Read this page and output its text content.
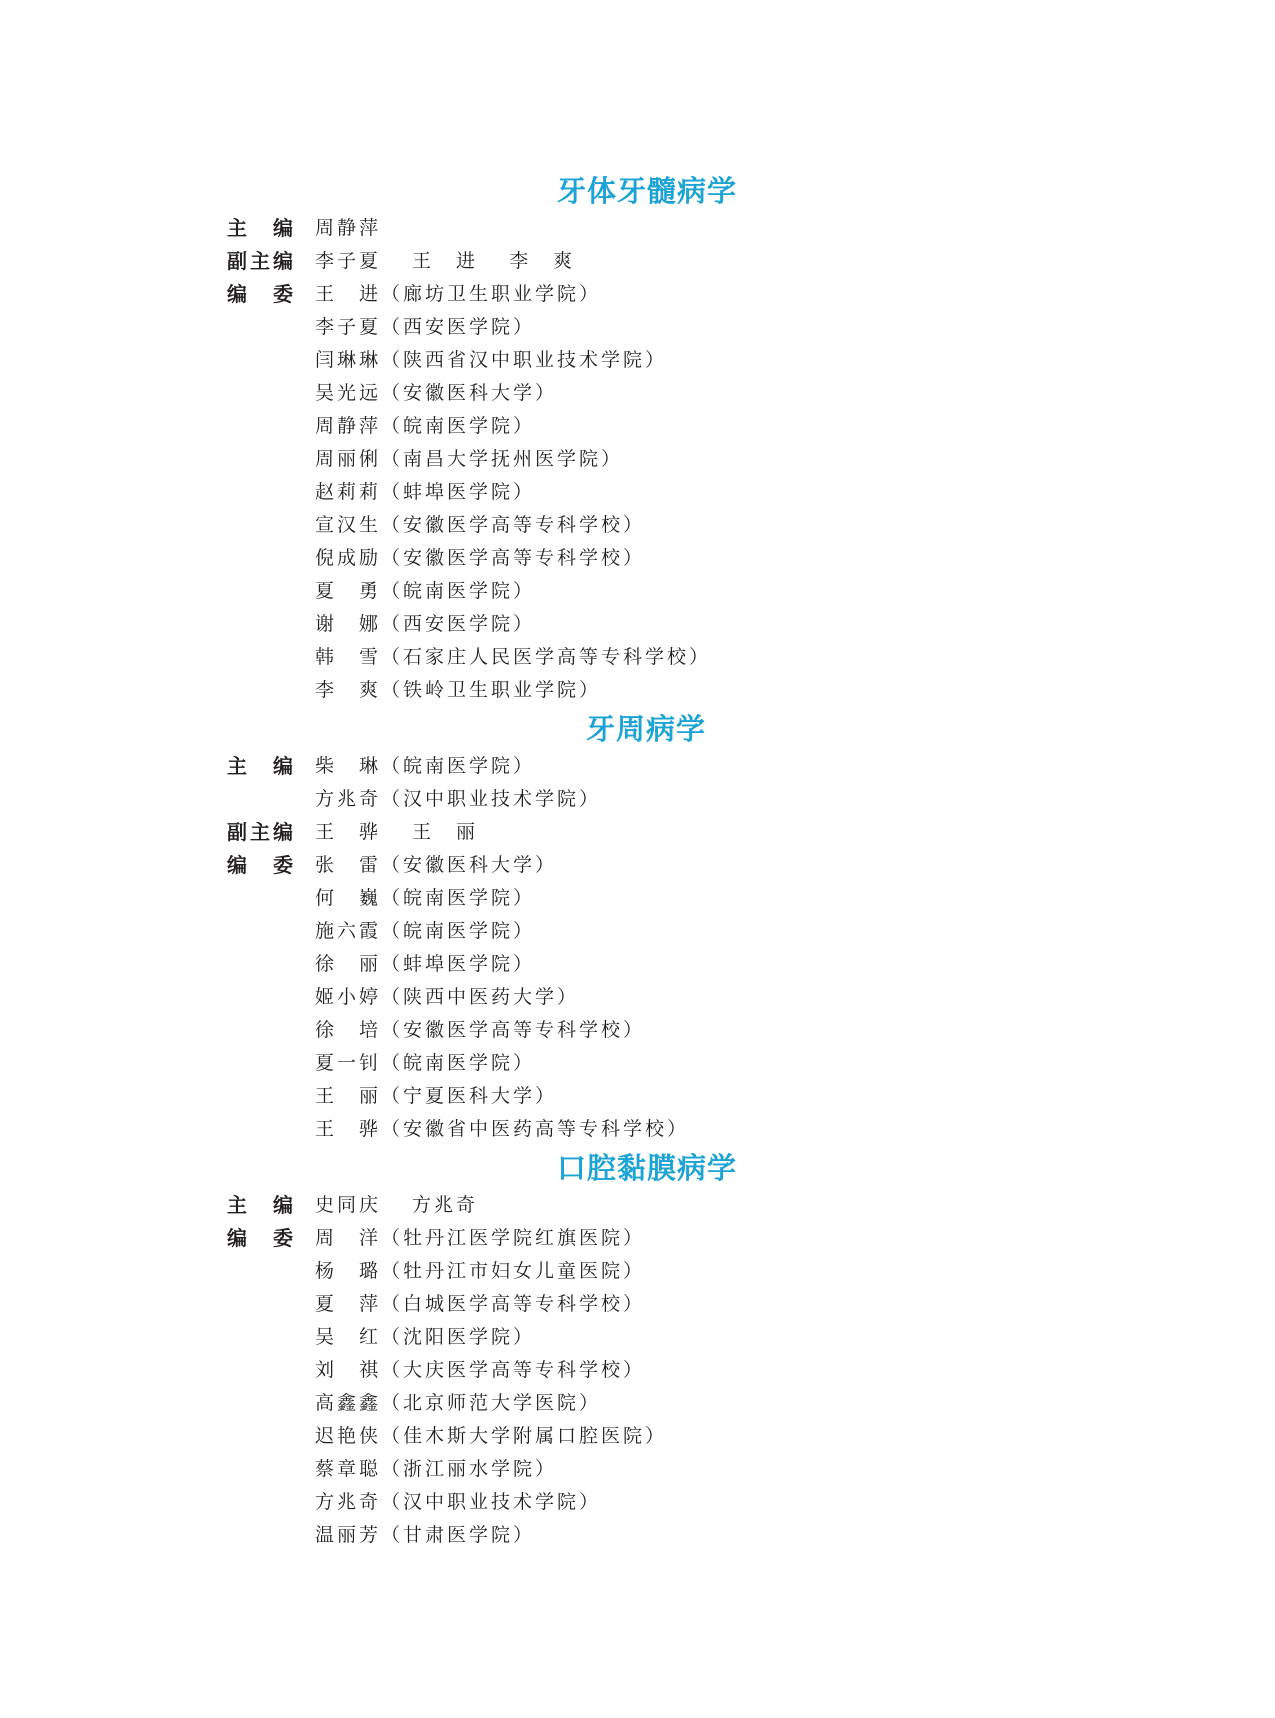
牙体牙髓病学
主　编 周静萍
副主编 李子夏　 王　进　 李　爽
编　委 王　进（廊坊卫生职业学院）
李子夏（西安医学院）
闫琳琳（陕西省汉中职业技术学院）
吴光远（安徽医科大学）
周静萍（皖南医学院）
周丽俐（南昌大学抚州医学院）
赵莉莉（蚌埠医学院）
宣汉生（安徽医学高等专科学校）
倪成励（安徽医学高等专科学校）
夏　勇（皖南医学院）
谢　娜（西安医学院）
韩　雪（石家庄人民医学高等专科学校）
李　爽（铁岭卫生职业学院）
牙周病学
主　编 柴　琳（皖南医学院）
方兆奇（汉中职业技术学院）
副主编 王　骅　 王　丽
编　委 张　雷（安徽医科大学）
何　巍（皖南医学院）
施六霞（皖南医学院）
徐　丽（蚌埠医学院）
姬小婷（陕西中医药大学）
徐　培（安徽医学高等专科学校）
夏一钊（皖南医学院）
王　丽（宁夏医科大学）
王　骅（安徽省中医药高等专科学校）
口腔黏膜病学
主　编 史同庆　 方兆奇
编　委 周　洋（牡丹江医学院红旗医院）
杨　璐（牡丹江市妇女儿童医院）
夏　萍（白城医学高等专科学校）
吴　红（沈阳医学院）
刘　祺（大庆医学高等专科学校）
高鑫鑫（北京师范大学医院）
迟艳侠（佳木斯大学附属口腔医院）
蔡章聪（浙江丽水学院）
方兆奇（汉中职业技术学院）
温丽芳（甘肃医学院）
